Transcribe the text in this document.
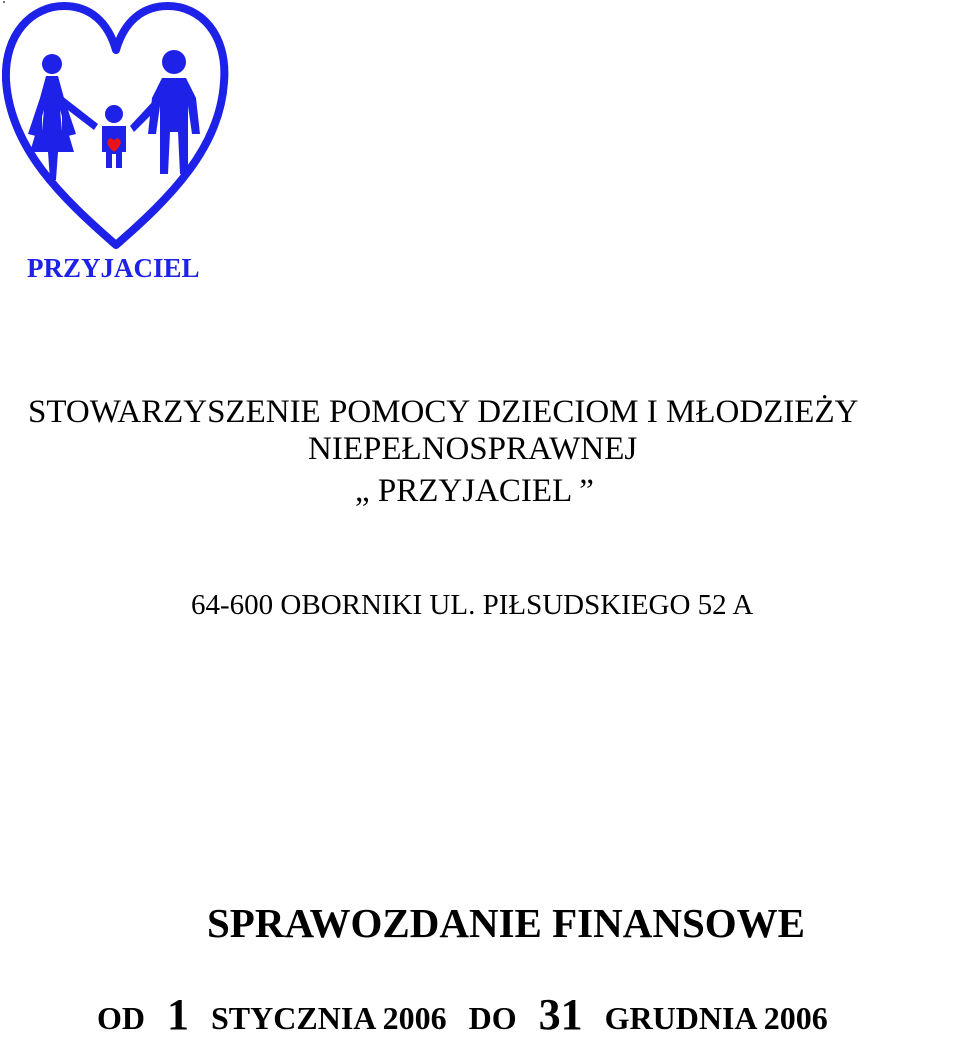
PRZYJACIEL
STOWARZYSZENIE POMOCY DZIECIOM I MŁODZIEŻY
NIEPEŁNOSPRAWNEJ
„ PRZYJACIEL ”
64-600 OBORNIKI UL. PIŁSUDSKIEGO 52 A
SPRAWOZDANIE FINANSOWE
OD 1 STYCZNIA 2006 DO 31 GRUDNIA 2006
